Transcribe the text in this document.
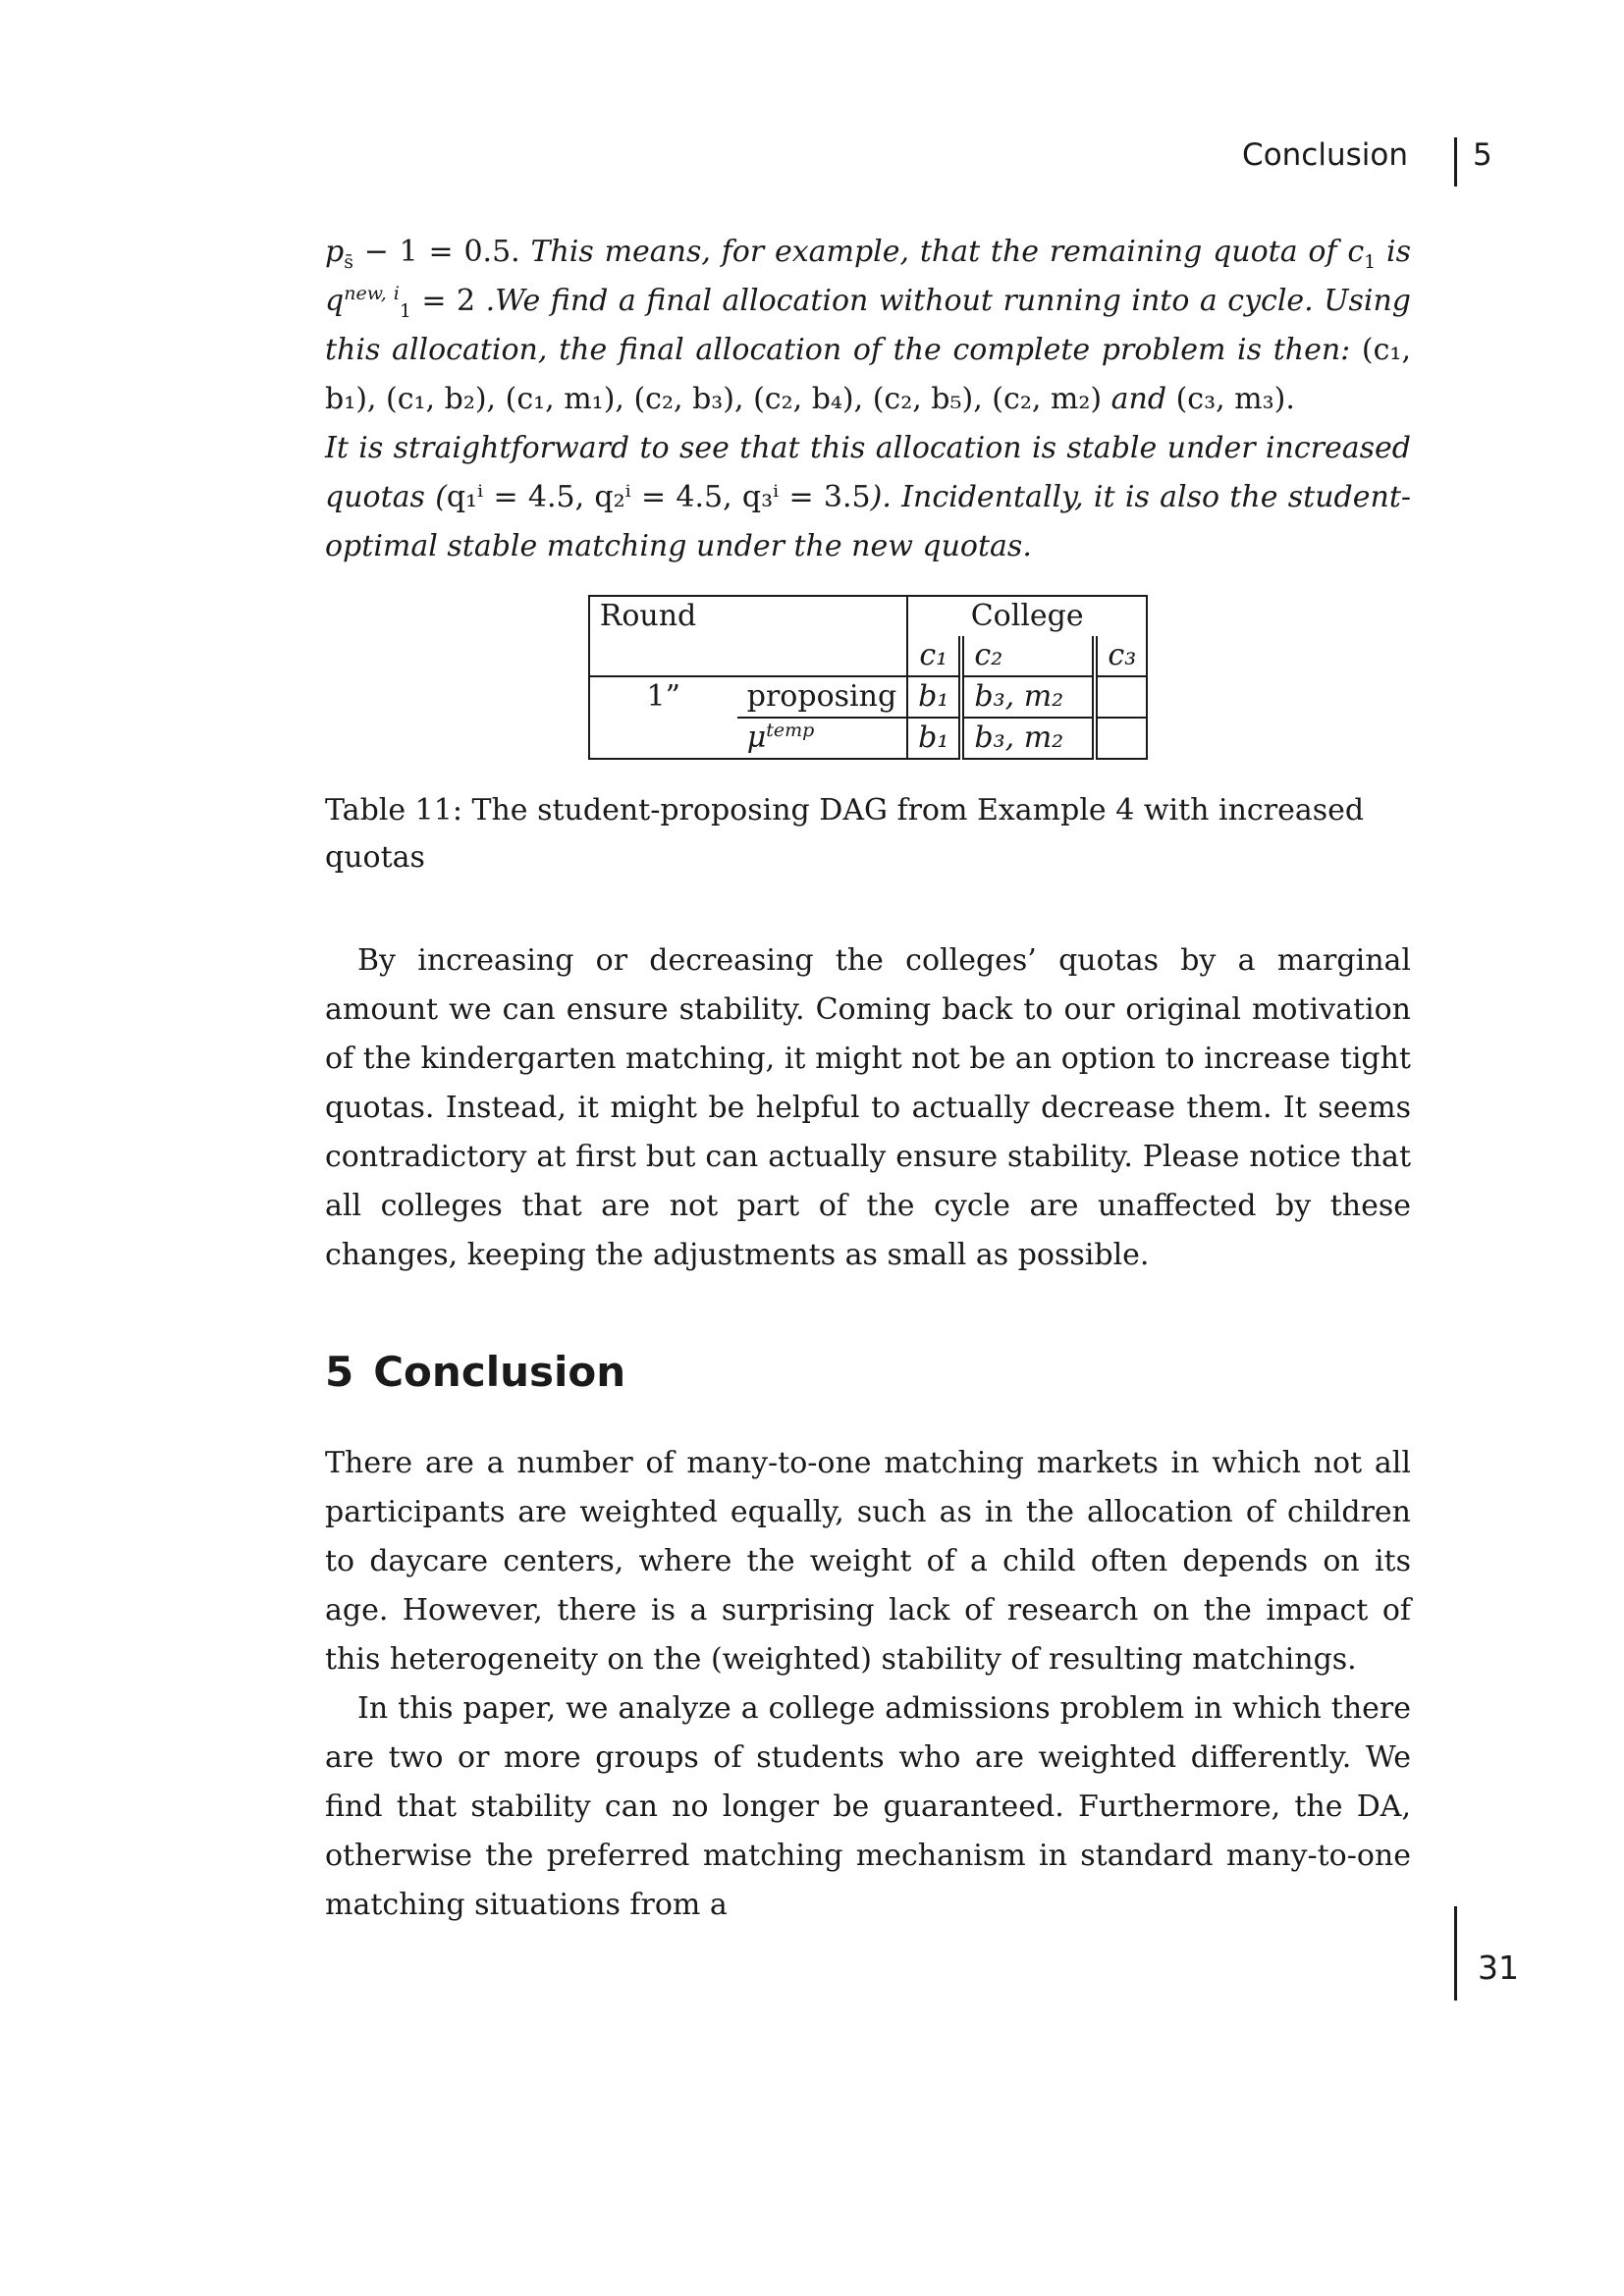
Conclusion 5

$p_{s̄} - 1 = 0.5$. This means, for example, that the remaining quota of $c_1$ is $q^{new, i}_1 = 2$ .We find a final allocation without running into a cycle. Using this allocation, the final allocation of the complete problem is then: (c₁, b₁), (c₁, b₂), (c₁, m₁), (c₂, b₃), (c₂, b₄), (c₂, b₅), (c₂, m₂) and (c₃, m₃).

It is straightforward to see that this allocation is stable under increased quotas (q₁ⁱ = 4.5, q₂ⁱ = 4.5, q₃ⁱ = 3.5). Incidentally, it is also the student-optimal stable matching under the new quotas.

Round		College		
		c₁	c₂	c₃
1”	proposing	b₁	b₃, m₂	
	$\mu^{temp}$	b₁	b₃, m₂	
Table 11: The student-proposing DAG from Example 4 with increased quotas

By increasing or decreasing the colleges’ quotas by a marginal amount we can ensure stability. Coming back to our original motivation of the kindergarten matching, it might not be an option to increase tight quotas. Instead, it might be helpful to actually decrease them. It seems contradictory at first but can actually ensure stability. Please notice that all colleges that are not part of the cycle are unaffected by these changes, keeping the adjustments as small as possible.

5 Conclusion

There are a number of many-to-one matching markets in which not all participants are weighted equally, such as in the allocation of children to daycare centers, where the weight of a child often depends on its age. However, there is a surprising lack of research on the impact of this heterogeneity on the (weighted) stability of resulting matchings.

In this paper, we analyze a college admissions problem in which there are two or more groups of students who are weighted differently. We find that stability can no longer be guaranteed. Furthermore, the DA, otherwise the preferred matching mechanism in standard many-to-one matching situations from a

31
